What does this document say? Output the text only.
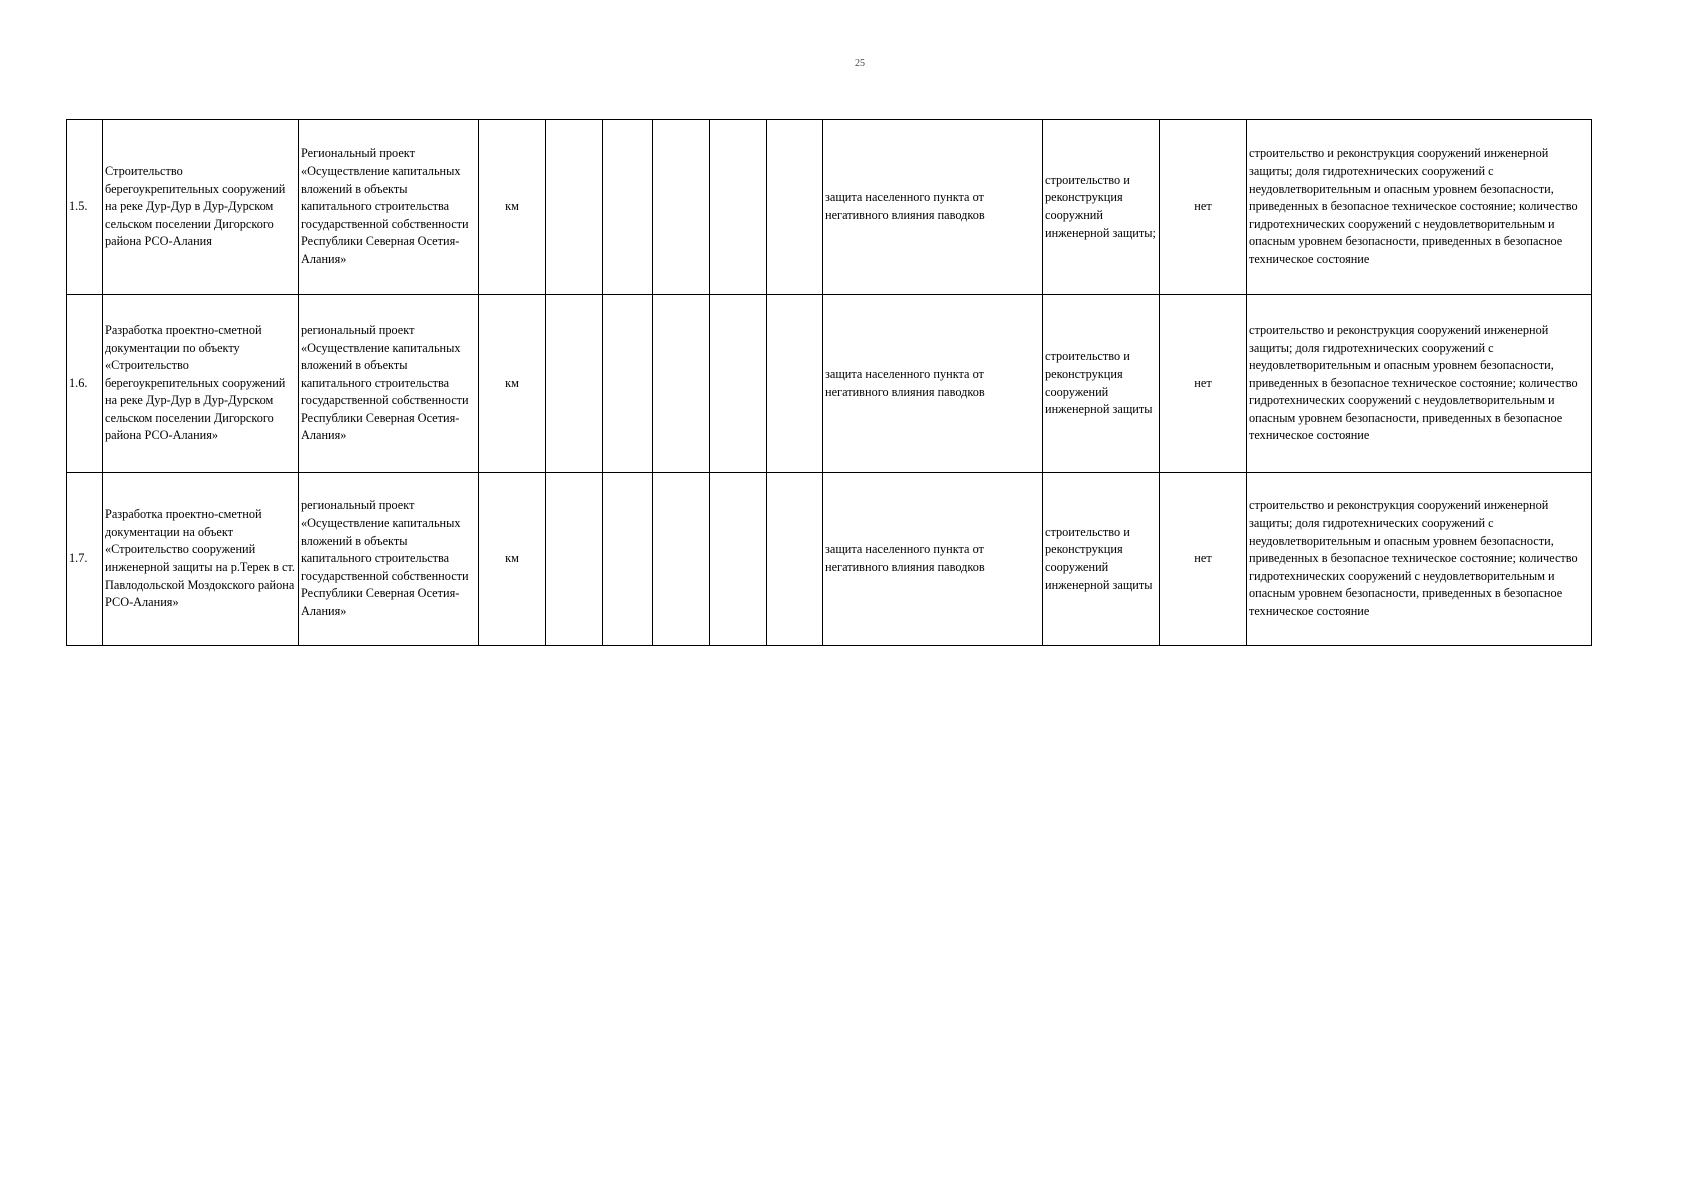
25
1.5.	Строительство берегоукрепительных сооружений на реке Дур-Дур в Дур-Дурском сельском поселении Дигорского района РСО-Алания	Региональный проект «Осуществление капитальных вложений в объекты капитального строительства государственной собственности Республики Северная Осетия-Алания»	км						защита населенного пункта от негативного влияния паводков	строительство и реконструкция сооружний инженерной защиты;	нет	строительство и реконструкция сооружений инженерной защиты; доля гидротехнических сооружений с неудовлетворительным и опасным уровнем безопасности, приведенных в безопасное техническое состояние; количество гидротехнических сооружений с неудовлетворительным и опасным уровнем безопасности, приведенных в безопасное техническое состояние
1.6.	Разработка проектно-сметной документации по объекту «Строительство берегоукрепительных сооружений на реке Дур-Дур в Дур-Дурском сельском поселении Дигорского района РСО-Алания»	региональный проект «Осуществление капитальных вложений в объекты капитального строительства государственной собственности Республики Северная Осетия-Алания»	км						защита населенного пункта от негативного влияния паводков	строительство и реконструкция сооружений инженерной защиты	нет	строительство и реконструкция сооружений инженерной защиты; доля гидротехнических сооружений с неудовлетворительным и опасным уровнем безопасности, приведенных в безопасное техническое состояние; количество гидротехнических сооружений с неудовлетворительным и опасным уровнем безопасности, приведенных в безопасное техническое состояние
1.7.	Разработка проектно-сметной документации на объект «Строительство сооружений инженерной защиты на р.Терек в ст. Павлодольской Моздокского района РСО-Алания»	региональный проект «Осуществление капитальных вложений в объекты капитального строительства государственной собственности Республики Северная Осетия-Алания»	км						защита населенного пункта от негативного влияния паводков	строительство и реконструкция сооружений инженерной защиты	нет	строительство и реконструкция сооружений инженерной защиты; доля гидротехнических сооружений с неудовлетворительным и опасным уровнем безопасности, приведенных в безопасное техническое состояние; количество гидротехнических сооружений с неудовлетворительным и опасным уровнем безопасности, приведенных в безопасное техническое состояние
